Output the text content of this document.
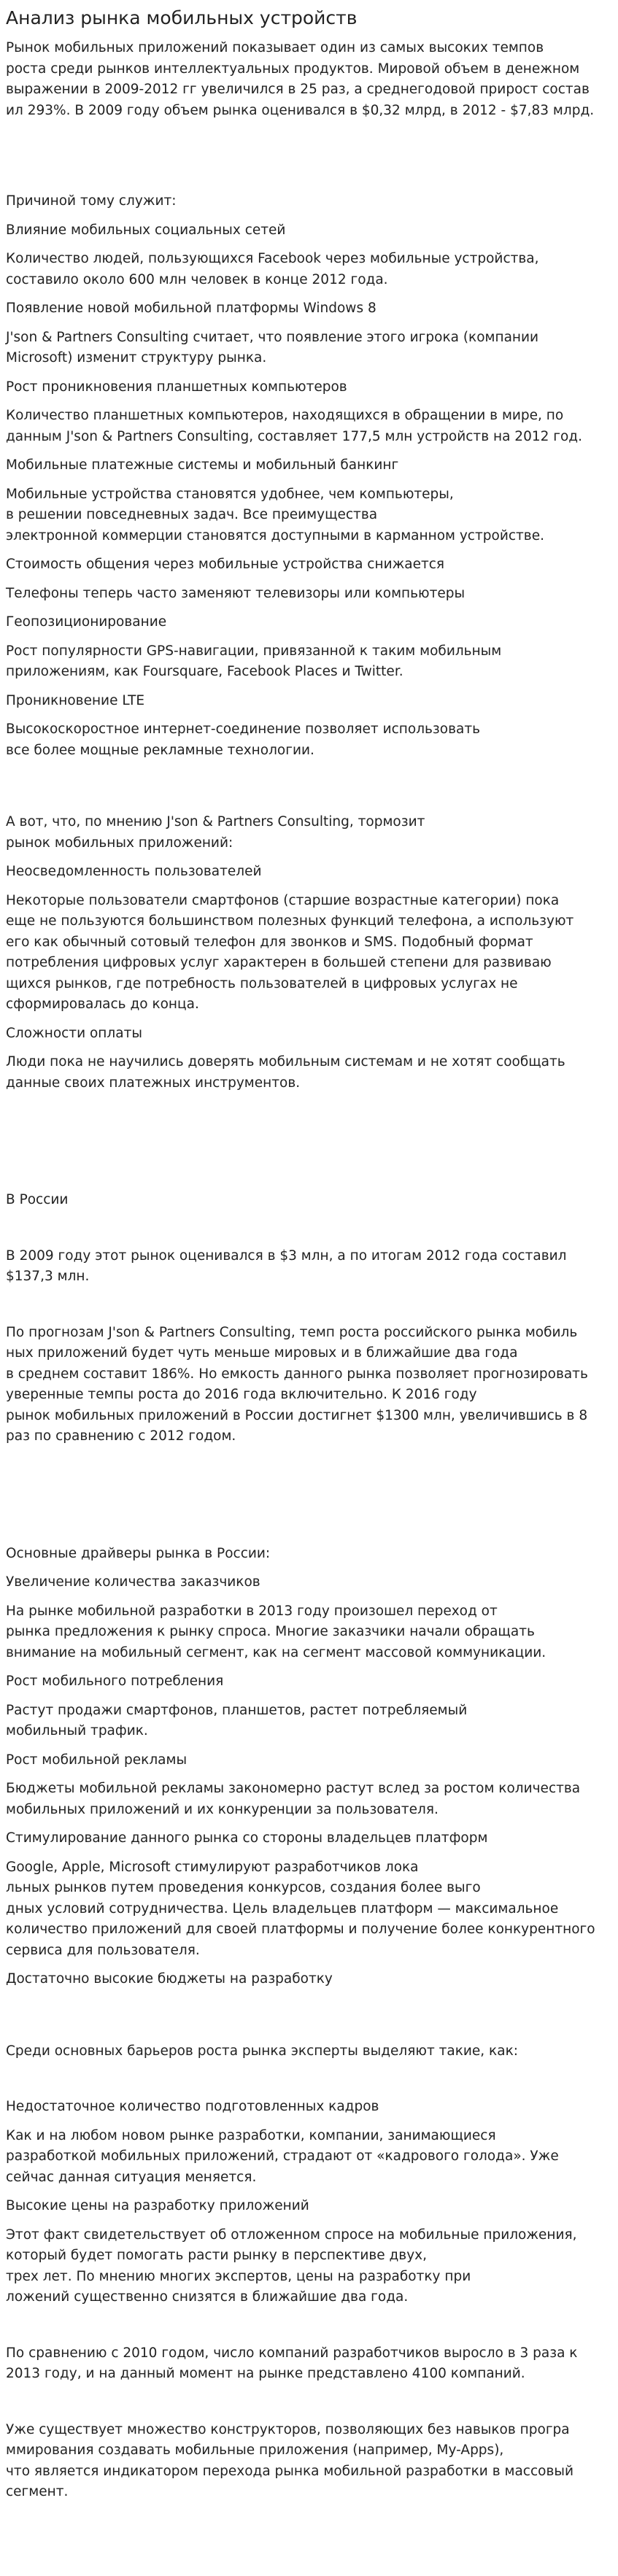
Анализ рынка мобильных устройств

Рынок мобильных приложений показывает один из самых высоких темпов
роста среди рынков интеллектуальных продуктов. Мировой объем в денежном
выражении в 2009-2012 гг увеличился в 25 раз, а среднегодовой прирост состав
ил 293%. В 2009 году объем рынка оценивался в $0,32 млрд, в 2012 - $7,83 млрд.

Причиной тому служит:

Влияние мобильных социальных сетей

Количество людей, пользующихся Facebook через мобильные устройства,
составило около 600 млн человек в конце 2012 года.

Появление новой мобильной платформы Windows 8

J'son & Partners Consulting считает, что появление этого игрока (компании
Microsoft) изменит структуру рынка.

Рост проникновения планшетных компьютеров

Количество планшетных компьютеров, находящихся в обращении в мире, по
данным J'son & Partners Consulting, составляет 177,5 млн устройств на 2012 год.

Мобильные платежные системы и мобильный банкинг

Мобильные устройства становятся удобнее, чем компьютеры,
в решении повседневных задач. Все преимущества
электронной коммерции становятся доступными в карманном устройстве.

Стоимость общения через мобильные устройства снижается

Телефоны теперь часто заменяют телевизоры или компьютеры

Геопозиционирование

Рост популярности GPS-навигации, привязанной к таким мобильным
приложениям, как Foursquare, Facebook Places и Twitter.

Проникновение LTE

Высокоскоростное интернет-соединение позволяет использовать
все более мощные рекламные технологии.

А вот, что, по мнению J'son & Partners Consulting, тормозит
рынок мобильных приложений:

Неосведомленность пользователей

Некоторые пользователи смартфонов (старшие возрастные категории) пока
еще не пользуются большинством полезных функций телефона, а используют
его как обычный сотовый телефон для звонков и SMS. Подобный формат
потребления цифровых услуг характерен в большей степени для развиваю
щихся рынков, где потребность пользователей в цифровых услугах не
сформировалась до конца.

Сложности оплаты

Люди пока не научились доверять мобильным системам и не хотят сообщать
данные своих платежных инструментов.

В России

В 2009 году этот рынок оценивался в $3 млн, а по итогам 2012 года составил
$137,3 млн.

По прогнозам J'son & Partners Consulting, темп роста российского рынка мобиль
ных приложений будет чуть меньше мировых и в ближайшие два года
в среднем составит 186%. Но емкость данного рынка позволяет прогнозировать
уверенные темпы роста до 2016 года включительно. К 2016 году
рынок мобильных приложений в России достигнет $1300 млн, увеличившись в 8
раз по сравнению с 2012 годом.

Основные драйверы рынка в России:

Увеличение количества заказчиков

На рынке мобильной разработки в 2013 году произошел переход от
рынка предложения к рынку спроса. Многие заказчики начали обращать
внимание на мобильный сегмент, как на сегмент массовой коммуникации.

Рост мобильного потребления

Растут продажи смартфонов, планшетов, растет потребляемый
мобильный трафик.

Рост мобильной рекламы

Бюджеты мобильной рекламы закономерно растут вслед за ростом количества
мобильных приложений и их конкуренции за пользователя.

Стимулирование данного рынка со стороны владельцев платформ

Google, Apple, Microsoft стимулируют разработчиков лока
льных рынков путем проведения конкурсов, создания более выго
дных условий сотрудничества. Цель владельцев платформ — максимальное
количество приложений для своей платформы и получение более конкурентного
сервиса для пользователя.

Достаточно высокие бюджеты на разработку

Среди основных барьеров роста рынка эксперты выделяют такие, как:

Недостаточное количество подготовленных кадров

Как и на любом новом рынке разработки, компании, занимающиеся
разработкой мобильных приложений, страдают от «кадрового голода». Уже
сейчас данная ситуация меняется.

Высокие цены на разработку приложений

Этот факт свидетельствует об отложенном спросе на мобильные приложения,
который будет помогать расти рынку в перспективе двух,
трех лет. По мнению многих экспертов, цены на разработку при
ложений существенно снизятся в ближайшие два года.

По сравнению с 2010 годом, число компаний разработчиков выросло в 3 раза к
2013 году, и на данный момент на рынке представлено 4100 компаний.

Уже существует множество конструкторов, позволяющих без навыков програ
ммирования создавать мобильные приложения (например, My-Apps),
что является индикатором перехода рынка мобильной разработки в массовый
сегмент.
